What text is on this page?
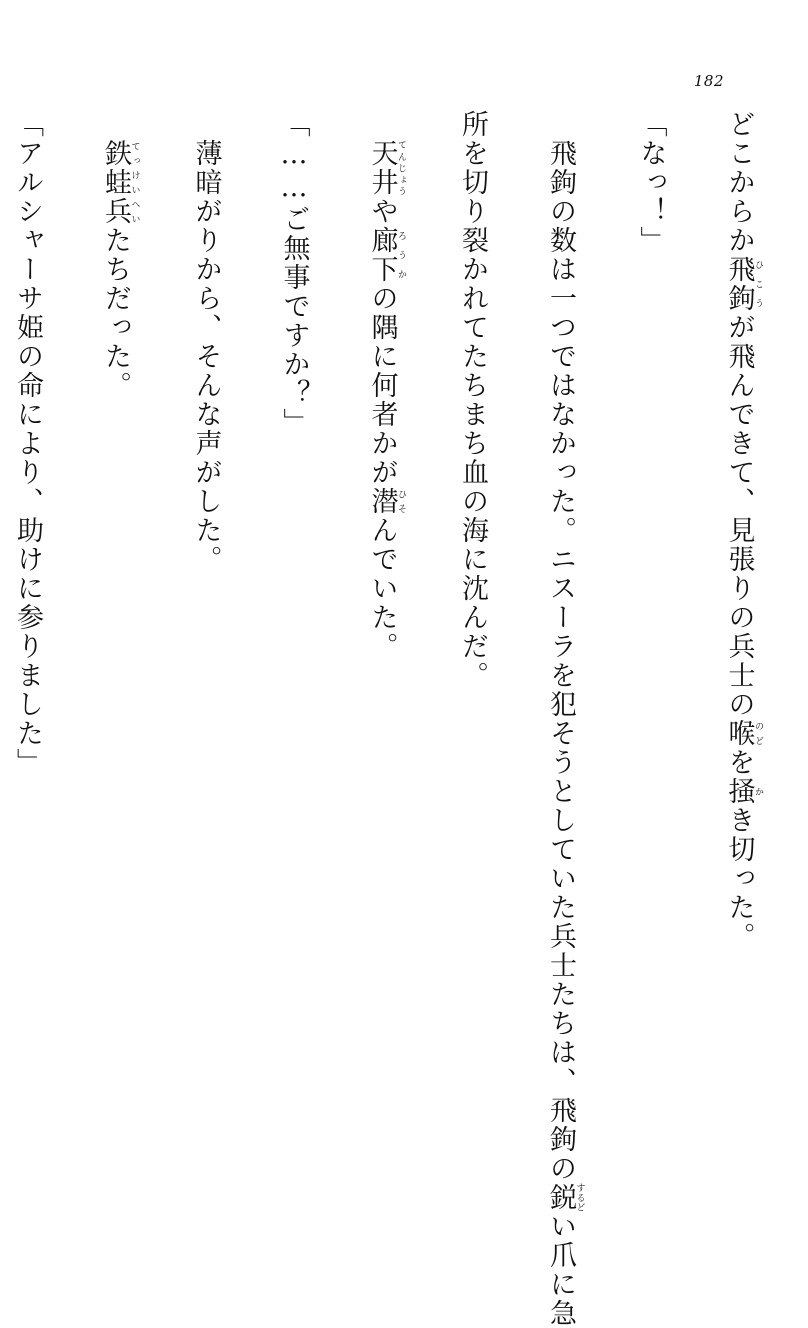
182
どこからか飛鉤ひこうが飛んできて、見張りの兵士の喉のどを掻かき切った。

「なっ！」

　飛鉤の数は一つではなかった。ニスーラを犯そうとしていた兵士たちは、飛鉤の鋭するどい爪に急

所を切り裂かれてたちまち血の海に沈んだ。

　天井てんじょうや廊下ろうかの隅に何者かが潜ひそんでいた。

「……ご無事ですか？」

　薄暗がりから、そんな声がした。

　鉄蛙兵てっけいへいたちだった。

「アルシャーサ姫の命により、助けに参りました」
